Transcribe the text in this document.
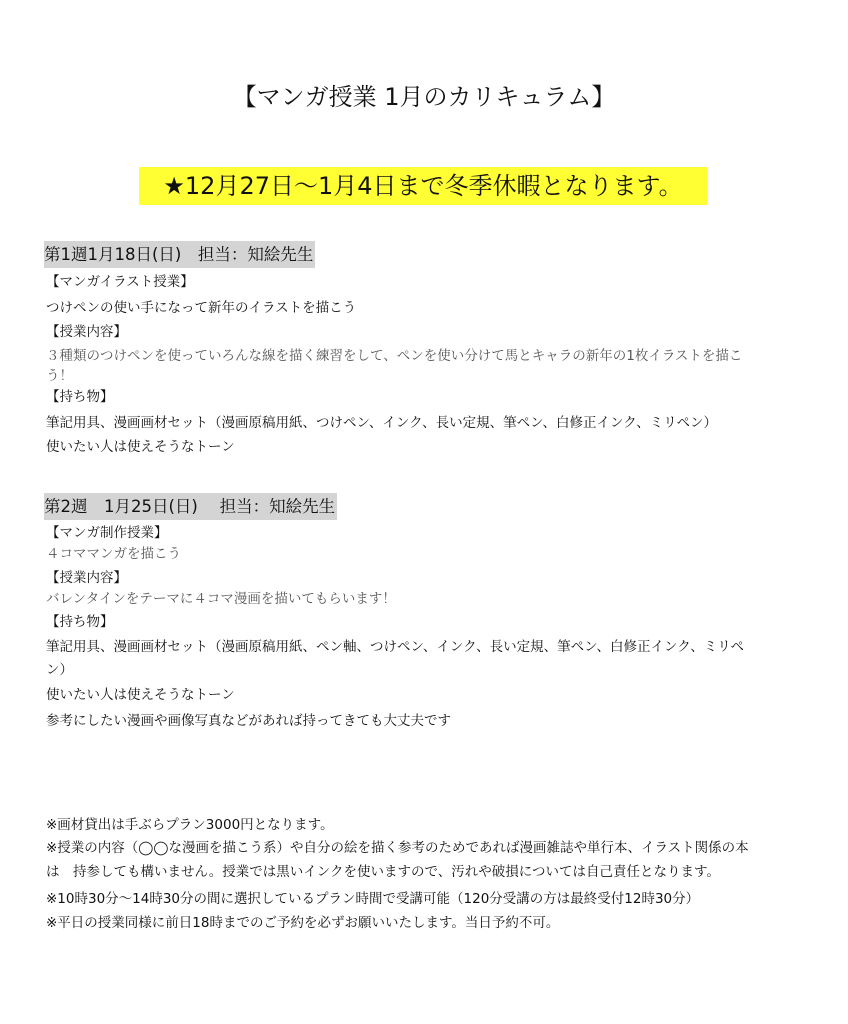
【マンガ授業 1月のカリキュラム】
★12月27日〜1月4日まで冬季休暇となります。
第1週1月18日(日)　担当：知絵先生
【マンガイラスト授業】
つけペンの使い手になって新年のイラストを描こう
【授業内容】
３種類のつけペンを使っていろんな線を描く練習をして、ペンを使い分けて馬とキャラの新年の1枚イラストを描こ
う！
【持ち物】
筆記用具、漫画画材セット（漫画原稿用紙、つけペン、インク、長い定規、筆ペン、白修正インク、ミリペン）
使いたい人は使えそうなトーン
第2週　1月25日(日)　 担当：知絵先生
【マンガ制作授業】
４コママンガを描こう
【授業内容】
バレンタインをテーマに４コマ漫画を描いてもらいます！
【持ち物】
筆記用具、漫画画材セット（漫画原稿用紙、ペン軸、つけペン、インク、長い定規、筆ペン、白修正インク、ミリペ
ン）
使いたい人は使えそうなトーン
参考にしたい漫画や画像写真などがあれば持ってきても大丈夫です
※画材貸出は手ぶらプラン3000円となります。
※授業の内容（◯◯な漫画を描こう系）や自分の絵を描く参考のためであれば漫画雑誌や単行本、イラスト関係の本
は　持参しても構いません。授業では黒いインクを使いますので、汚れや破損については自己責任となります。
※10時30分〜14時30分の間に選択しているプラン時間で受講可能（120分受講の方は最終受付12時30分）
※平日の授業同様に前日18時までのご予約を必ずお願いいたします。当日予約不可。
